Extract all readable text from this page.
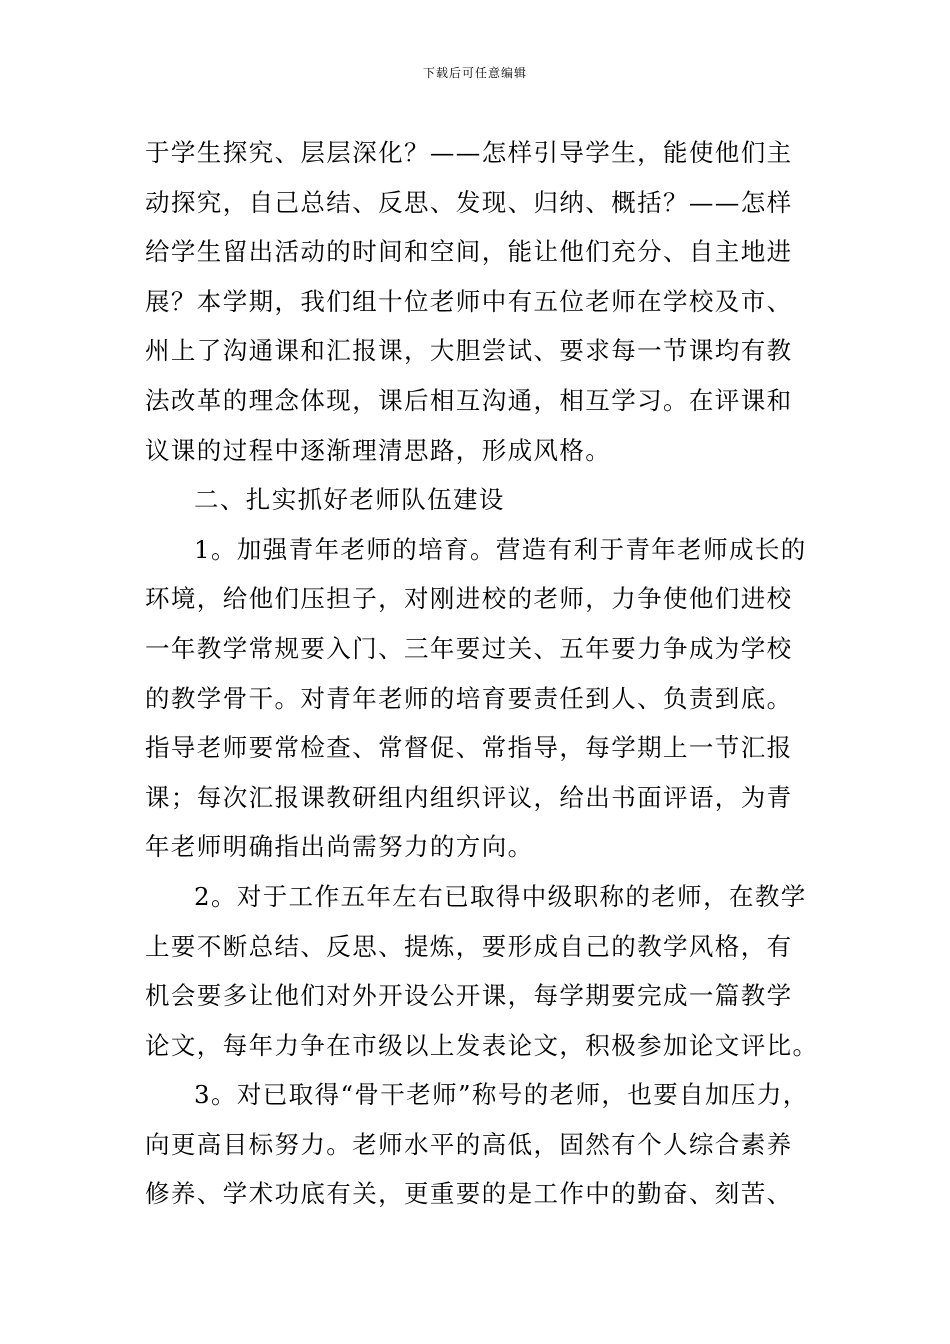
下载后可任意编辑
于学生探究、层层深化？——怎样引导学生，能使他们主
动探究，自己总结、反思、发现、归纳、概括？——怎样
给学生留出活动的时间和空间，能让他们充分、自主地进
展？本学期，我们组十位老师中有五位老师在学校及市、
州上了沟通课和汇报课，大胆尝试、要求每一节课均有教
法改革的理念体现，课后相互沟通，相互学习。在评课和
议课的过程中逐渐理清思路，形成风格。
二、扎实抓好老师队伍建设
1。加强青年老师的培育。营造有利于青年老师成长的
环境，给他们压担子，对刚进校的老师，力争使他们进校
一年教学常规要入门、三年要过关、五年要力争成为学校
的教学骨干。对青年老师的培育要责任到人、负责到底。
指导老师要常检查、常督促、常指导，每学期上一节汇报
课；每次汇报课教研组内组织评议，给出书面评语，为青
年老师明确指出尚需努力的方向。
2。对于工作五年左右已取得中级职称的老师，在教学
上要不断总结、反思、提炼，要形成自己的教学风格，有
机会要多让他们对外开设公开课，每学期要完成一篇教学
论文，每年力争在市级以上发表论文，积极参加论文评比。
3。对已取得“骨干老师”称号的老师，也要自加压力，
向更高目标努力。老师水平的高低，固然有个人综合素养
修养、学术功底有关，更重要的是工作中的勤奋、刻苦、
